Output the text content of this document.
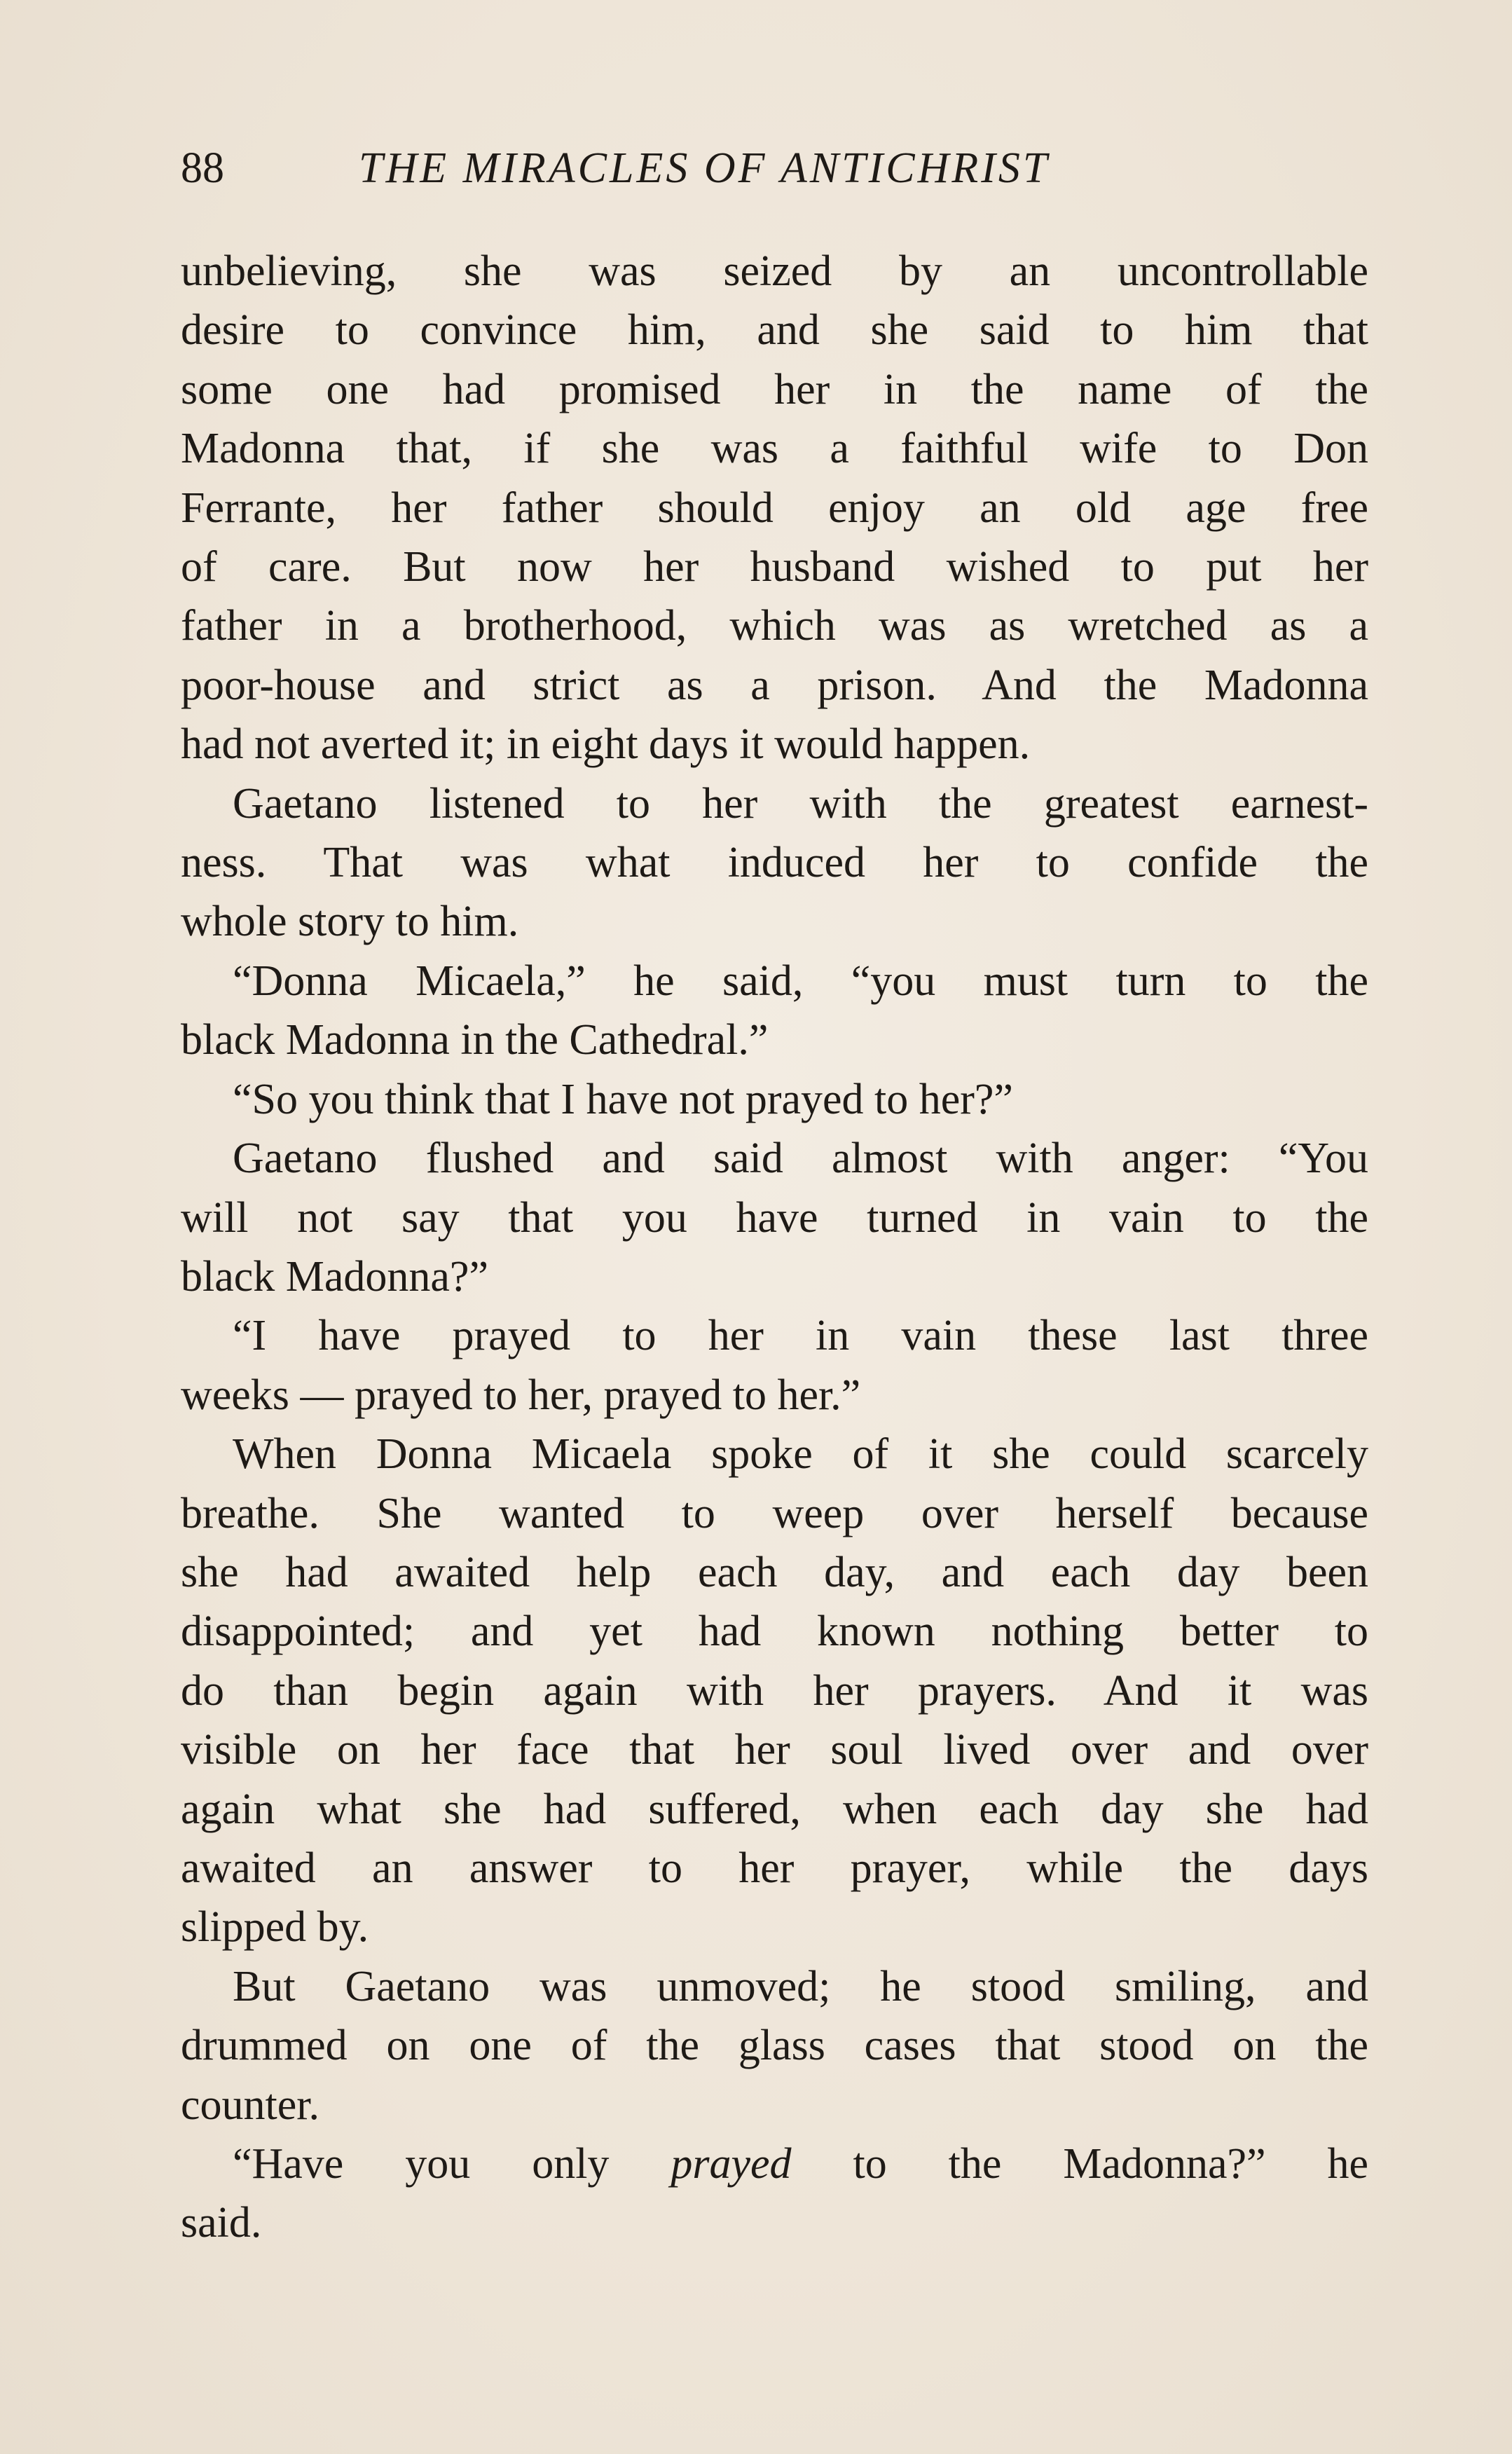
88	THE MIRACLES OF ANTICHRIST
unbelieving, she was seized by an uncontrollable
desire to convince him, and she said to him that
some one had promised her in the name of the
Madonna that, if she was a faithful wife to Don
Ferrante, her father should enjoy an old age free
of care. But now her husband wished to put her
father in a brotherhood, which was as wretched as a
poor-house and strict as a prison. And the Madonna
had not averted it; in eight days it would happen.
Gaetano listened to her with the greatest earnest-
ness. That was what induced her to confide the
whole story to him.
“Donna Micaela,” he said, “you must turn to the
black Madonna in the Cathedral.”
“So you think that I have not prayed to her?”
Gaetano flushed and said almost with anger: “You
will not say that you have turned in vain to the
black Madonna?”
“I have prayed to her in vain these last three
weeks — prayed to her, prayed to her.”
When Donna Micaela spoke of it she could scarcely
breathe. She wanted to weep over herself because
she had awaited help each day, and each day been
disappointed; and yet had known nothing better to
do than begin again with her prayers. And it was
visible on her face that her soul lived over and over
again what she had suffered, when each day she had
awaited an answer to her prayer, while the days
slipped by.
But Gaetano was unmoved; he stood smiling, and
drummed on one of the glass cases that stood on the
counter.
“Have you only prayed to the Madonna?” he
said.
